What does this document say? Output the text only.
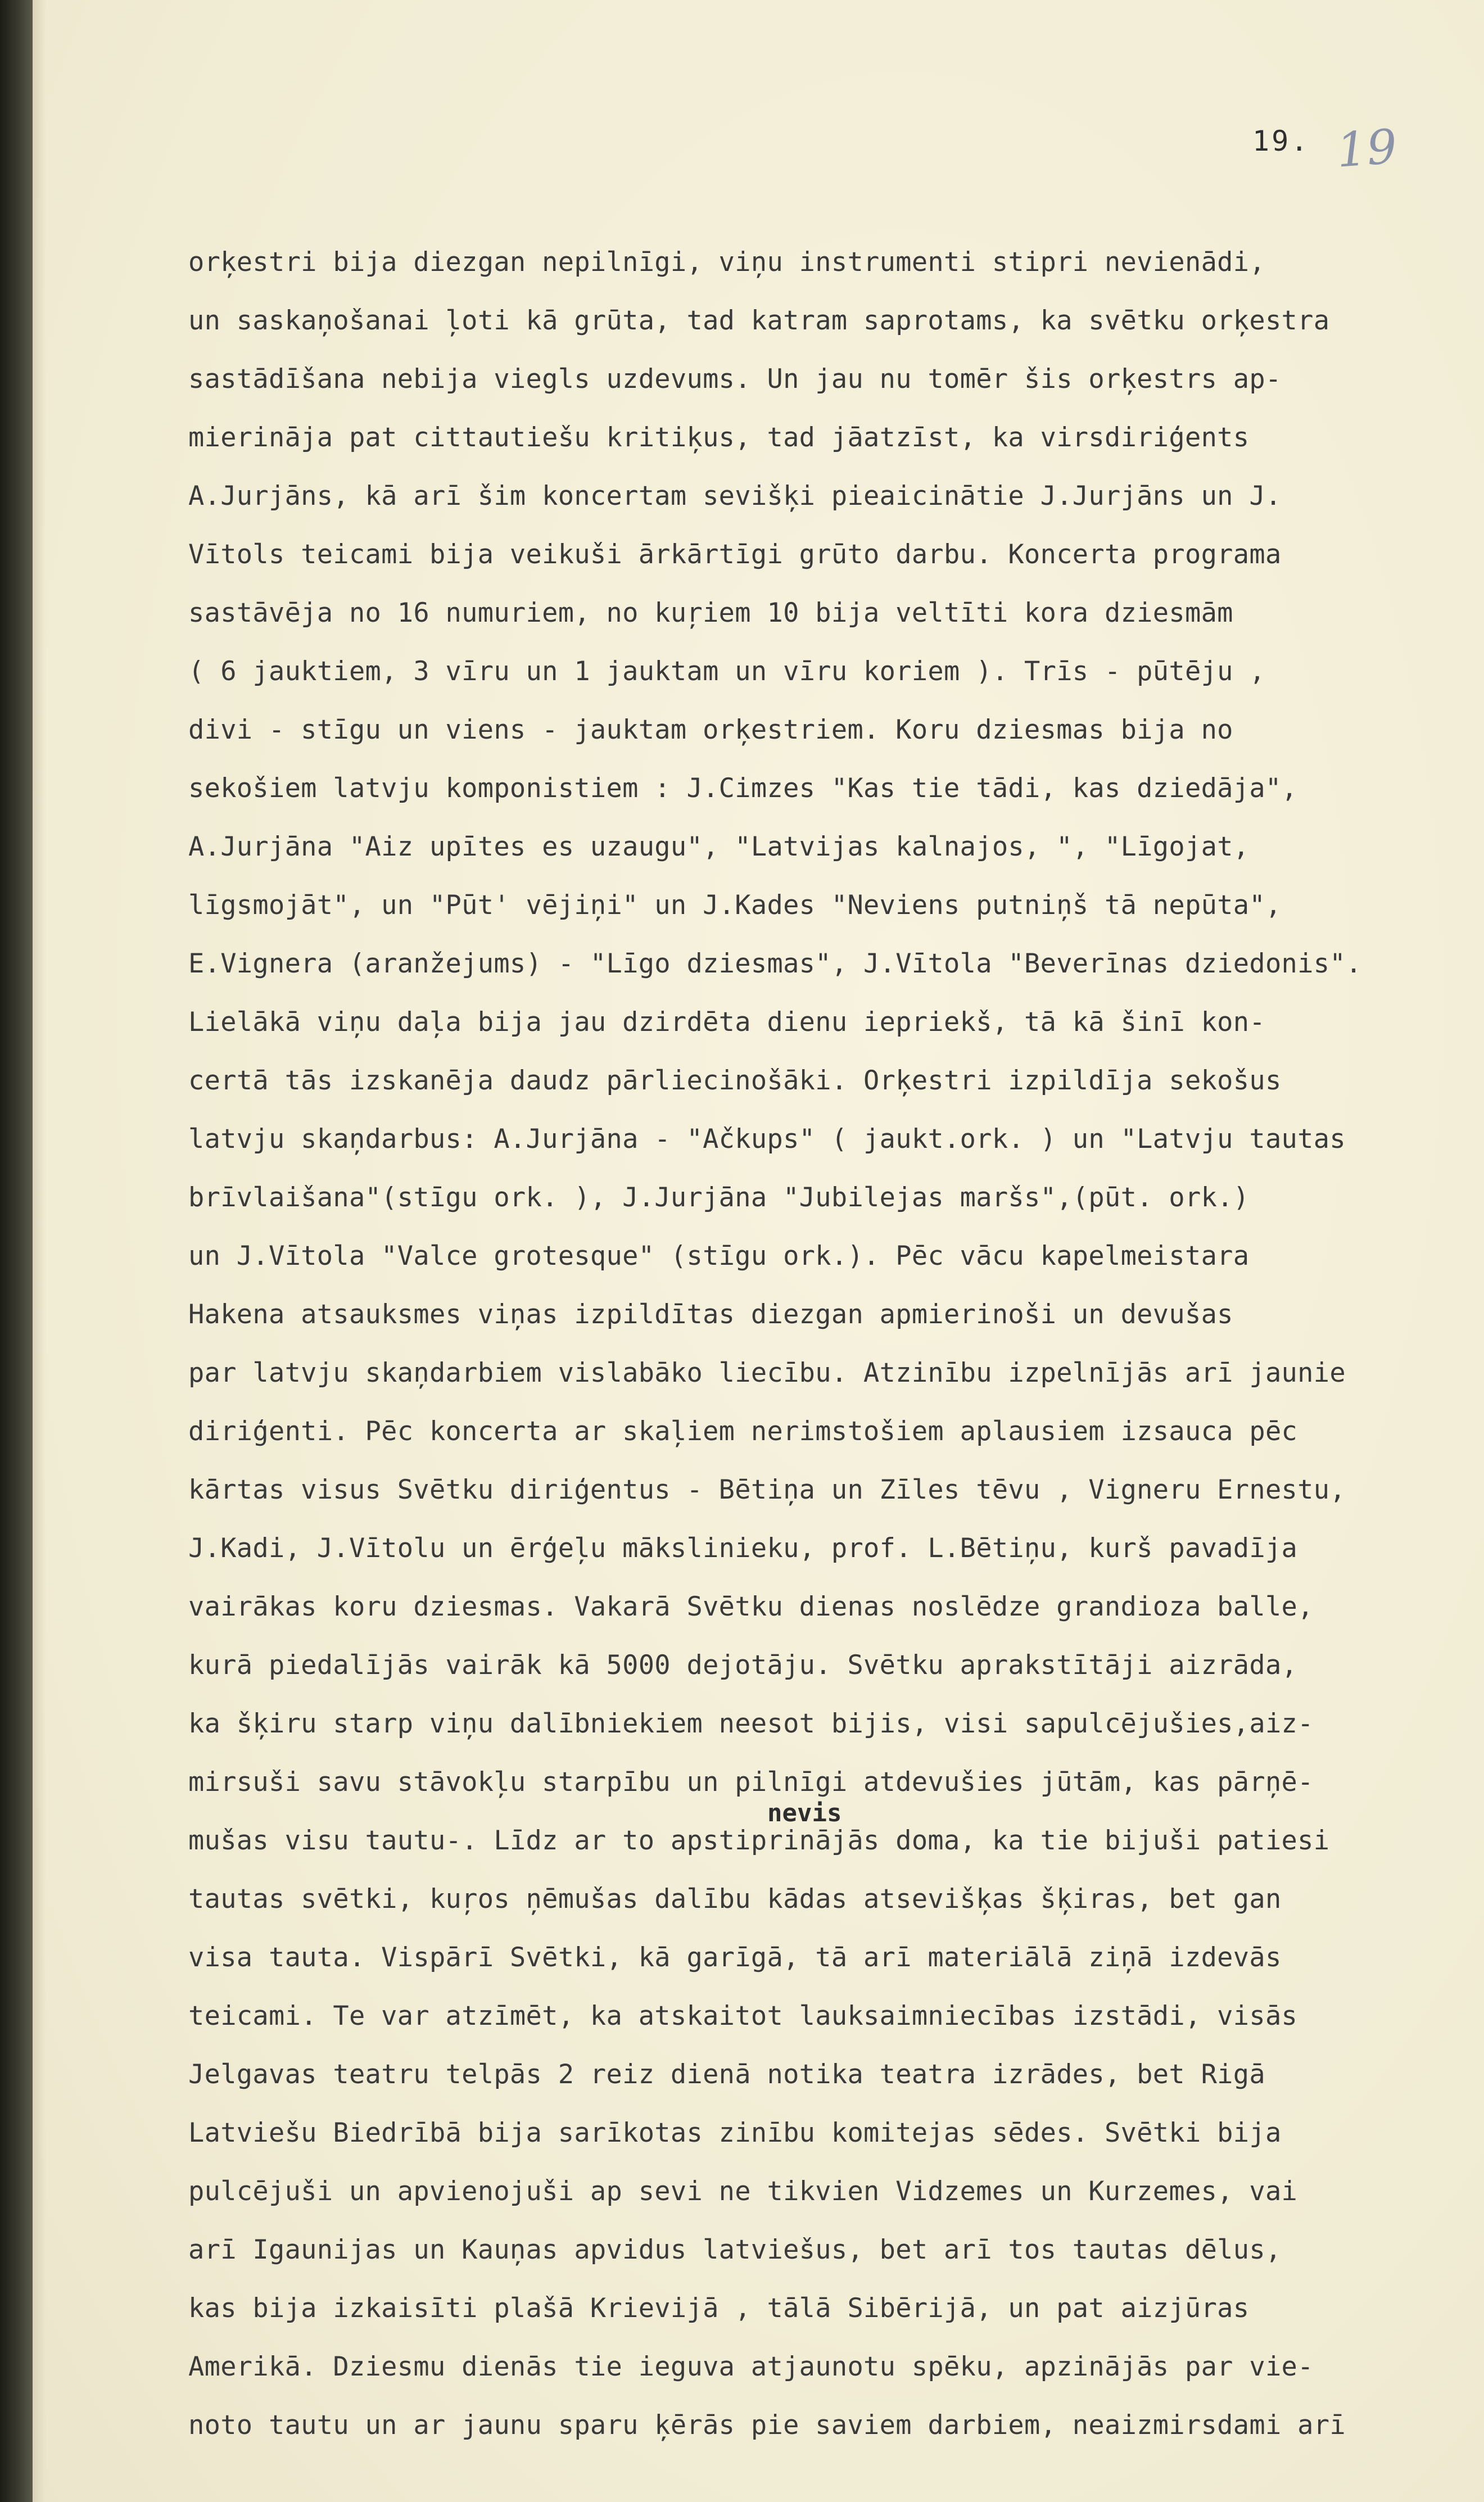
19. 19
orķestri bija diezgan nepilnīgi, viņu instrumenti stipri nevienādi,
un saskaņošanai ļoti kā grūta, tad katram saprotams, ka svētku orķestra
sastādīšana nebija viegls uzdevums. Un jau nu tomēr šis orķestrs ap-
mierināja pat cittautiešu kritiķus, tad jāatzīst, ka virsdiriģents
A.Jurjāns, kā arī šim koncertam sevišķi pieaicinātie J.Jurjāns un J.
Vītols teicami bija veikuši ārkārtīgi grūto darbu. Koncerta programa
sastāvēja no 16 numuriem, no kuŗiem 10 bija veltīti kora dziesmām
( 6 jauktiem, 3 vīru un 1 jauktam un vīru koriem ). Trīs - pūtēju ,
divi - stīgu un viens - jauktam orķestriem. Koru dziesmas bija no
sekošiem latvju komponistiem : J.Cimzes "Kas tie tādi, kas dziedāja",
A.Jurjāna "Aiz upītes es uzaugu", "Latvijas kalnajos, ", "Līgojat,
līgsmojāt", un "Pūt' vējiņi" un J.Kades "Neviens putniņš tā nepūta",
E.Vignera (aranžejums) - "Līgo dziesmas", J.Vītola "Beverīnas dziedonis".
Lielākā viņu daļa bija jau dzirdēta dienu iepriekš, tā kā šinī kon-
certā tās izskanēja daudz pārliecinošāki. Orķestri izpildīja sekošus
latvju skaņdarbus: A.Jurjāna - "Ačkups" ( jaukt.ork. ) un "Latvju tautas
brīvlaišana"(stīgu ork. ), J.Jurjāna "Jubilejas maršs",(pūt. ork.)
un J.Vītola "Valce grotesque" (stīgu ork.). Pēc vācu kapelmeistara
Hakena atsauksmes viņas izpildītas diezgan apmierinoši un devušas
par latvju skaņdarbiem vislabāko liecību. Atzinību izpelnījās arī jaunie
diriģenti. Pēc koncerta ar skaļiem nerimstošiem aplausiem izsauca pēc
kārtas visus Svētku diriģentus - Bētiņa un Zīles tēvu , Vigneru Ernestu,
J.Kadi, J.Vītolu un ērģeļu mākslinieku, prof. L.Bētiņu, kurš pavadīja
vairākas koru dziesmas. Vakarā Svētku dienas noslēdze grandioza balle,
kurā piedalījās vairāk kā 5000 dejotāju. Svētku aprakstītāji aizrāda,
ka šķiru starp viņu dalībniekiem neesot bijis, visi sapulcējušies,aiz-
mirsuši savu stāvokļu starpību un pilnīgi atdevušies jūtām, kas pārņē-
mušas visu tautu-. Līdz ar to apstiprinājās doma, ka tie bijuši patiesi
tautas svētki, kuŗos ņēmušas dalību kādas atsevišķas šķiras, bet gan
visa tauta. Vispārī Svētki, kā garīgā, tā arī materiālā ziņā izdevās
teicami. Te var atzīmēt, ka atskaitot lauksaimniecības izstādi, visās
Jelgavas teatru telpās 2 reiz dienā notika teatra izrādes, bet Rigā
Latviešu Biedrībā bija sarīkotas zinību komitejas sēdes. Svētki bija
pulcējuši un apvienojuši ap sevi ne tikvien Vidzemes un Kurzemes, vai
arī Igaunijas un Kauņas apvidus latviešus, bet arī tos tautas dēlus,
kas bija izkaisīti plašā Krievijā , tālā Sibērijā, un pat aizjūras
Amerikā. Dziesmu dienās tie ieguva atjaunotu spēku, apzinājās par vie-
noto tautu un ar jaunu sparu ķērās pie saviem darbiem, neaizmirsdami arī
nevis
